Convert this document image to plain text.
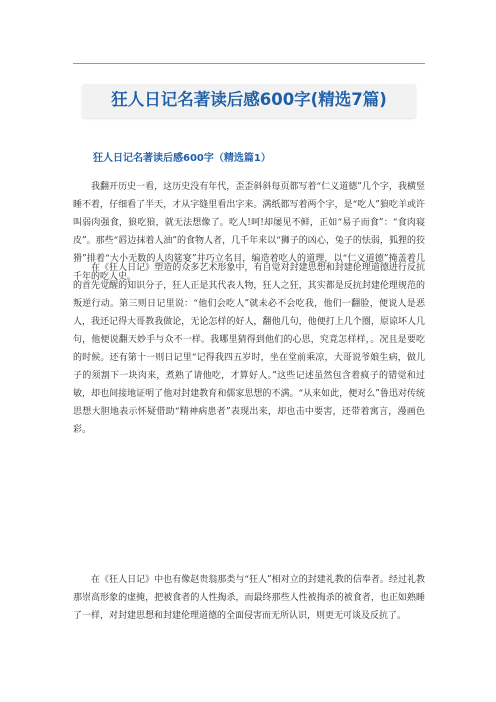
狂人日记名著读后感600字(精选7篇)
狂人日记名著读后感600字（精选篇1）

我翻开历史一看，这历史没有年代，歪歪斜斜每页都写着“仁义道德”几个字，我横竖睡不着，仔细看了半天，才从字缝里看出字来。满纸都写着两个字，是“吃人”狼吃羊或许叫弱肉强食，狼吃狼，就无法想像了。吃人!呵!却屡见不鲜，正如“易子而食”：“食肉寝皮”。那些“唇边抹着人油”的食物人者，几千年来以“狮子的凶心，兔子的怯弱，狐狸的狡猾”排着“大小无数的人肉筵宴”井巧立名目，编造着吃人的道理，以“仁义道德”掩盖着几千年的吃人史。

在《狂人日记》塑造的众多艺术形象中，有自觉对封建思想和封建伦理道德进行反抗的首先觉醒的知识分子，狂人正是其代表人物，狂人之狂，其实都是反抗封建伦理规范的叛逆行动。第三则日记里说：“他们会吃人”就未必不会吃我，他们一翻脸，便说人是恶人，我还记得大哥教我做论，无论怎样的好人，翻他几句，他便打上几个圈，原谅坏人几句，他便说翻天妙手与众不一样。我哪里猜得到他们的心思，究竟怎样样，。况且是要吃的时候。还有第十一则日记里“记得我四五岁时，坐在堂前乘凉，大哥说爷娘生病，做儿子的须割下一块肉来，煮熟了请他吃，才算好人。”这些记述虽然包含着疯子的错觉和过敏，却也间接地证明了他对封建教育和儒家思想的不满。“从来如此，便对么”鲁迅对传统思想大胆地表示怀疑借助“精神病患者”表现出来，却也击中要害，还带着寓言，漫画色彩。

在《狂人日记》中也有像赵贵翁那类与“狂人”相对立的封建礼教的信奉者。经过礼教那崇高形象的虚掩，把被食者的人性掏杀，而最终那些人性被掏杀的被食者，也正如熟睡了一样，对封建思想和封建伦理道德的全面侵害而无所认识，则更无可谈及反抗了。
